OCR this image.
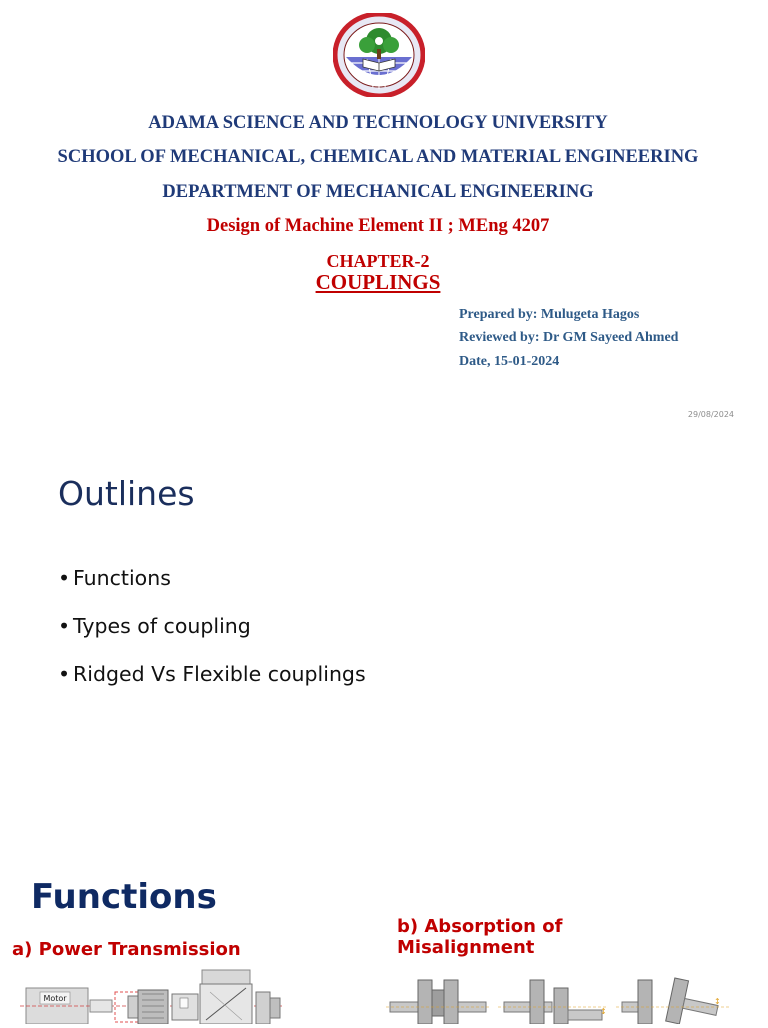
ADAMA SCIENCE AND TECHNOLOGY UNIVERSITY
SCHOOL OF MECHANICAL, CHEMICAL AND MATERIAL ENGINEERING
DEPARTMENT OF MECHANICAL ENGINEERING
Design of Machine Element II ; MEng 4207
CHAPTER-2
COUPLINGS
Prepared by: Mulugeta Hagos
Reviewed by: Dr GM Sayeed Ahmed
Date, 15-01-2024
29/08/2024
Outlines
• Functions
• Types of coupling
• Ridged Vs Flexible couplings
Functions
a) Power Transmission
b) Absorption of
Misalignment
Motor
↕
↕
